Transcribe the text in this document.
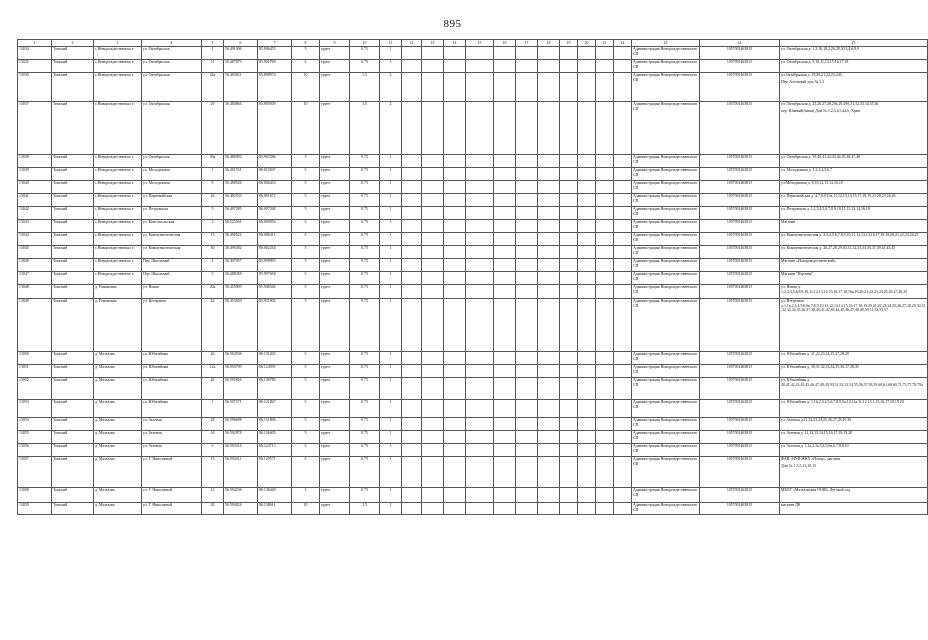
895
1	2	3	4	5	6	7	8	9	10	11	12	13	14	15	16	17	18	19	20	21	22	23	24	25
13034	Томский	с.Новорождественско е	ул. Октябрьская	1	56.491306	85.906453	5	грунт	0.75	1												Администрация Новорождественского СП	1057001463815	ул. Октябрьская д. 1,3,16,18,2,26,28,30,3,4,6,8,9
13035	Томский	с.Новорождественско е	ул. Октябрьская	11	56.487879	85.901769	3	грунт	0.75	1												Администрация Новорождественского СП	1057001463815	ул. Октябрьская д. 9,10,11,13,15,16,17,18
13036	Томский	с.Новорождественско е	ул. Октябрьская	24а	56.483821	85.898974	10	грунт	1.5	2												Администрация Новорождественского СП	1057001463815	ул.Октябрьская д. 19,20,21,22,23,24б,
Пер. Алтачный дом № 1,2

13037	Томский	с.Новорождественско е	ул. Октябрьская	29	56.484864	85.909509	10	грунт	1.5	2												Администрация Новорождественского СП	1057001463815	ул. Октябрьская д. 25,26,27,28,29а,29,29б,31,32,33,34,35,36
пер. Южный(бывш) Дом № 1,2,3,4,5,4а,6, Храм

13038	Томский	с.Новорождественско е	ул. Октябрьская	39а	56.486992	85.992586	3	грунт	0.75	1												Администрация Новорождественского СП	1057001463815	ул. Октябрьская д. 39,40,41,42,43,44,45,46,47,48
13039	Томский	с.Новорождественско е	ул. Молодежная	1	56.491531	86.010037	5	грунт	0.75	1												Администрация Новорождественского СП	1057001463815	ул. Молодежная д. 1,2,3,4,5,6,7
13040	Томский	с.Новорождественско е	ул. Молодежная	9	56.488526	86.006433	5	грунт	0.75	1												Администрация Новорождественского СП	1057001463815	ул.Молодежная д. 8,10,12,13,14,16,18
13041	Томский	с.Новорождественско е	ул. Первомайская	26	56.492533	86.001672	5	грунт	0.75	1												Администрация Новорождественского СП	1057001463815	ул. Первомайская д. 4,7,8,9,10а,11,12,13,14,15,17,18,19,21,20,23,24,26
13042	Томский	с.Новорождественско е	ул. Петровская	5	56.497285	86.007268	5	грунт	0.75	1												Администрация Новорождественского СП	1057001463815	ул. Петровская д. 1,2,3,4,5,6,7,8,9,10,11,12,13,14,16,18
13043	Томский	с.Новорождественско е	ул. Комсомольская	3	56.525561	86.009954	5	грунт	0.75	1												Администрация Новорождественского СП	1057001463815	Магазин
13044	Томский	с.Новорождественско е	ул. Коммунистическая	15	56.490524	86.006411	5	грунт	0.75	1												Администрация Новорождественского СП	1057001463815	ул. Коммунистическая д. 2,3,4,5,6,7,8,9,10,11,12,13,14,16,17,18,19,20,21,22,23,24,25
13045	Томский	с.Новорождественско е	ул. Коммунистическая	30	56.496382	86.002216	5	грунт	0.75	1												Администрация Новорождественского СП	1057001463815	ул. Коммунистическая д. 26,27,28,29,30,31,32,33,34,35,37,39,41,43,45
13046	Томский	с.Новорождественско е	Пер. Школьный	4	56.497057	85.998993	5	грунт	0.75	1												Администрация Новорождественского СП	1057001463815	Магазин «Новорождественский»
13047	Томский	с.Новорождественско е	Пер. Школьный	5	56.488458	85.997658	5	грунт	0.75	1												Администрация Новорождественского СП	1057001463815	Магазин "Корзина"
13048	Томский	д. Романовка	ул. Новая	20а	56.455909	85.946546	5	грунт	0.75	1												Администрация Новорождественского СП	1057001463815	ул. Новая д. 1,2,3,4,5,6,8,9,10,11,12,13,14,15,16,17,18,16а,19,20,21,22,23,24,25,26,27,28,29
13049	Томский	д. Романовка	ул. Ветеранов	42	56.453659	85.931904	5	грунт	0.75	1												Администрация Новорождественского СП	1057001463815	ул. Ветеранов д.1,1а,2,3,4,5,6,6а,7,8,9,10,11,12,13,14,15,16,17,18,19,20,21,22,23,24,25,26,27,28,29,30,31,32,33,34,35,36,37,38,40,41,42,43,44,45,46,47,48,49,50,51,53,55,57
13050	Томский	д. Мазалово	ул. Юбилейная	26	56.594536	86.131203	5	грунт	0.75	1												Администрация Новорождественского СП	1057001463815	ул. Юбилейная д. 21,22,23,24,25,27,28,29
13051	Томский	д. Мазалово	ул. Юбилейная	12а	56.593709	86.124939	5	грунт	0.75	1												Администрация Новорождественского СП	1057001463815	ул. Юбилейная д. 30,31,32,33,34,35,36,37,38,39
13052	Томский	д. Мазалово	ул. Юбилейная	46	56.595826	86.138780	5	грунт	0.75	1												Администрация Новорождественского СП	1057001463815	ул. Юбилейная д. 40,41,42,43,45,45,46,47,48,49,50,51,52,53,54,55,56,57,58,59,60,61,68,69,71,73,77,78,79а
13053	Томский	д. Мазалово	ул. Юбилейная	1	56.597571	86.121867	5	грунт	0.75	1												Администрация Новорождественского СП	1057001463815	ул. Юбилейная д. 1,1б,2,3,4,5,6,7,8,9,9а,10,11а,11,12,13,1,15,16,17,18,19,20
13054	Томский	д. Мазалово	ул. Зеленая	28	56.596698	86.131896	5	грунт	0.75	1												Администрация Новорождественского СП	1057001463815	ул. Зеленая д.21,22,23,24,25,26,27,28,29,30
13055	Томский	д. Мазалово	ул. Зеленая	16	56.592878	86.126605	5	грунт	0.75	1												Администрация Новорождественского СП	1057001463815	ул. Зеленая д. 11,12,13,14,15,16,17,18,19,20
13056	Томский	д. Мазалово	ул. Зеленая	5	56.594314	86.124715	5	грунт	0.75	1												Администрация Новорождественского СП	1057001463815	ул. Зеленая д. 1,1а,2,3а,3,4,5,6а,6,7,8,9,10
13057	Томский	д. Мазалово	ул. Г. Николаевой	15	56.594311	86.129571	5	грунт	0.75	1												Администрация Новорождественского СП	1057001463815	ФАП, МУП ЖКХ «Исток», магазин
Дом № 1,3,5,13,10,15

13058	Томский	д. Мазалово	ул. Г. Николаевой	12	56.594236	86.136449	3	грунт	0.75	1												Администрация Новорождественского СП	1057001463815	МБОУ «Мазаловская ООШ» Детский сад
13059	Томский	д. Мазалово	ул. Г. Николаевой	26	56.594024	86.138611	10	грунт	1.5	2												Администрация Новорождественского СП	1057001463815	магазин ДК
